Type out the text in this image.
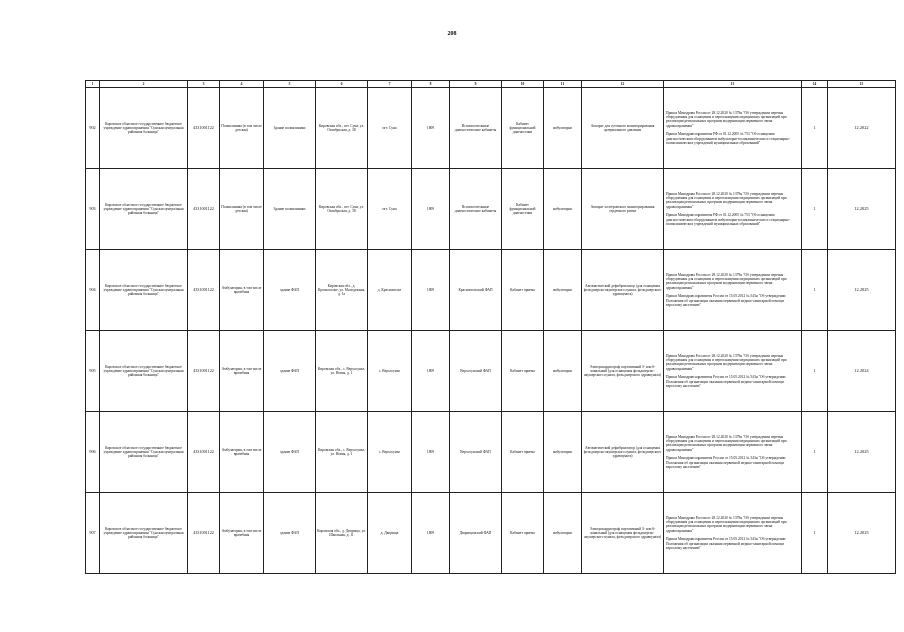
208
1	2	3	4	5	6	7	8	9	10	11	12	13	14	15
902	Кировское областное государственное бюджетное учреждение здравоохранения "Сунская центральная районная больница"	4331001122	Поликлиника (в том числе детская)	Здание поликлиники	Кировская обл., пгт. Суна, ул. Октябрьская, д. 38	пгт. Суна	1809	Вспомогательные диагностические кабинеты	Кабинет функциональной диагностики	амбулаторно	Аппарат для суточного мониторирования артериального давления	Приказ Минздрава России от 28.12.2020 № 1379н "Об утверждении перечня оборудования для оснащения и переоснащения медицинских организаций при реализации региональных программ модернизации первичного звена здравоохранения"

Приказ Минздравсоцразвития РФ от 01.12.2005 № 753 "Об оснащении диагностическим оборудованием амбулаторно-поликлинических и стационарно-поликлинических учреждений муниципальных образований"	1	12.2022
903	Кировское областное государственное бюджетное учреждение здравоохранения "Сунская центральная районная больница"	4331001122	Поликлиника (в том числе детская)	Здание поликлиники	Кировская обл., пгт. Суна, ул. Октябрьская, д. 38	пгт. Суна	1809	Вспомогательные диагностические кабинеты	Кабинет функциональной диагностики	амбулаторно	Аппарат холтеровского мониторирования сердечного ритма	Приказ Минздрава России от 28.12.2020 № 1379н "Об утверждении перечня оборудования для оснащения и переоснащения медицинских организаций при реализации региональных программ модернизации первичного звена здравоохранения"

Приказ Минздравсоцразвития РФ от 01.12.2005 № 753 "Об оснащении диагностическим оборудованием амбулаторно-поликлинических и стационарно-поликлинических учреждений муниципальных образований"	1	12.2025
904	Кировское областное государственное бюджетное учреждение здравоохранения "Сунская центральная районная больница"	4331001122	Амбулатория, в том числе врачебная	здание ФАП	Кировская обл., д. Краснополье, ул. Молодежная, д. 1а	д. Краснополье	1809	Краснопольский ФАП	Кабинет приема	амбулаторно	Автоматический дефибриллятор (для оснащения фельдшерско-акушерского пункта, фельдшерского здравпункта)	Приказ Минздрава России от 28.12.2020 № 1379н "Об утверждении перечня оборудования для оснащения и переоснащения медицинских организаций при реализации региональных программ модернизации первичного звена здравоохранения"

Приказ Минздравсоцразвития России от 15.05.2012 № 543н "Об утверждении Положения об организации оказания первичной медико-санитарной помощи взрослому населению"	1	12.2025
905	Кировское областное государственное бюджетное учреждение здравоохранения "Сунская центральная районная больница"	4331001122	Амбулатория, в том числе врачебная	здание ФАП	Кировская обл., с. Верхосунье, ул. Новая, д. 1	с. Верхосунье	1809	Верхосунский ФАП	Кабинет приема	амбулаторно	Электрокардиограф портативный 3- или 6-канальный (для оснащения фельдшерско-акушерского пункта, фельдшерского здравпункта)	Приказ Минздрава России от 28.12.2020 № 1379н "Об утверждении перечня оборудования для оснащения и переоснащения медицинских организаций при реализации региональных программ модернизации первичного звена здравоохранения"

Приказ Минздравсоцразвития России от 15.05.2012 № 543н "Об утверждении Положения об организации оказания первичной медико-санитарной помощи взрослому населению"	1	12.2024
906	Кировское областное государственное бюджетное учреждение здравоохранения "Сунская центральная районная больница"	4331001122	Амбулатория, в том числе врачебная	здание ФАП	Кировская обл., с. Верхосунье, ул. Новая, д. 1	с. Верхосунье	1809	Верхосунский ФАП	Кабинет приема	амбулаторно	Автоматический дефибриллятор (для оснащения фельдшерско-акушерского пункта, фельдшерского здравпункта)	Приказ Минздрава России от 28.12.2020 № 1379н "Об утверждении перечня оборудования для оснащения и переоснащения медицинских организаций при реализации региональных программ модернизации первичного звена здравоохранения"

Приказ Минздравсоцразвития России от 15.05.2012 № 543н "Об утверждении Положения об организации оказания первичной медико-санитарной помощи взрослому населению"	1	12.2025
907	Кировское областное государственное бюджетное учреждение здравоохранения "Сунская центральная районная больница"	4331001122	Амбулатория, в том числе врачебная	здание ФАП	Кировская обл., д. Дворища, ул. Школьная, д. 11	д. Дворища	1809	Дворищенский ФАП	Кабинет приема	амбулаторно	Электрокардиограф портативный 3- или 6-канальный (для оснащения фельдшерско-акушерского пункта, фельдшерского здравпункта)	Приказ Минздрава России от 28.12.2020 № 1379н "Об утверждении перечня оборудования для оснащения и переоснащения медицинских организаций при реализации региональных программ модернизации первичного звена здравоохранения"

Приказ Минздравсоцразвития России от 15.05.2012 № 543н "Об утверждении Положения об организации оказания первичной медико-санитарной помощи взрослому населению"	1	12.2025
